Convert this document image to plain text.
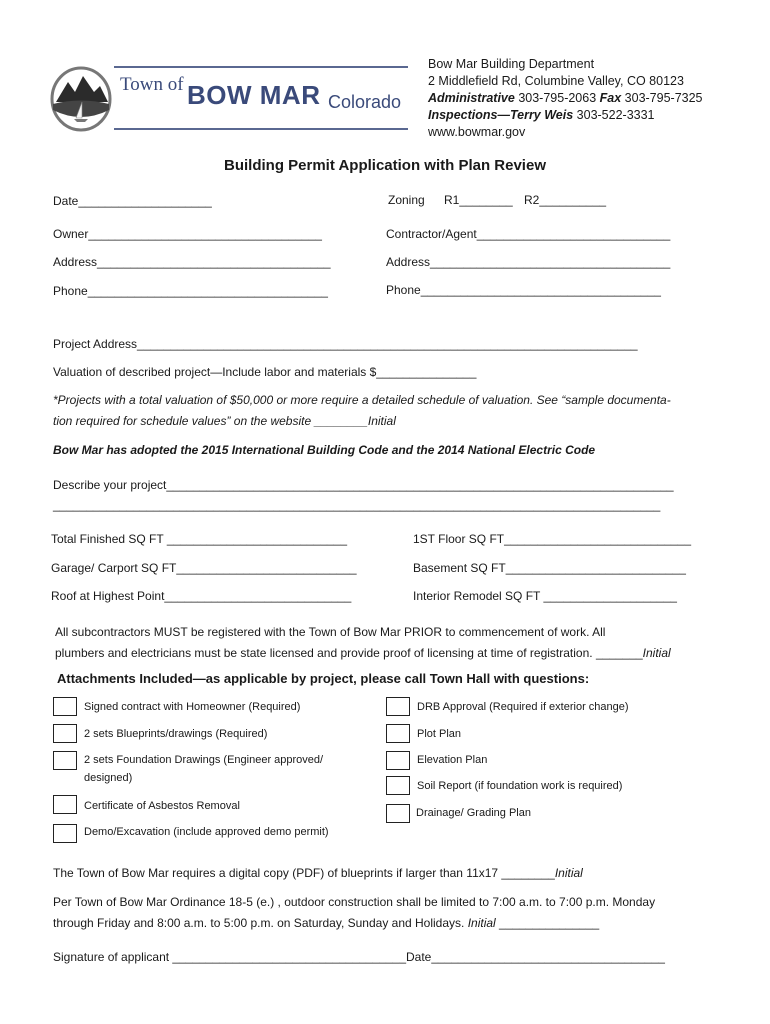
Town of BOW MAR Colorado
Bow Mar Building Department
2 Middlefield Rd, Columbine Valley, CO 80123
Administrative 303-795-2063 Fax 303-795-7325
Inspections—Terry Weis 303-522-3331
www.bowmar.gov
Building Permit Application with Plan Review
Date____________________	Zoning R1________ R2__________
Owner___________________________________	Contractor/Agent_____________________________
Address___________________________________	Address____________________________________
Phone____________________________________	Phone____________________________________
Project Address___________________________________________________________________________
Valuation of described project—Include labor and materials $_______________
*Projects with a total valuation of $50,000 or more require a detailed schedule of valuation. See “sample documenta-
tion required for schedule values” on the website ________Initial
Bow Mar has adopted the 2015 International Building Code and the 2014 National Electric Code
Describe your project____________________________________________________________________________
___________________________________________________________________________________________
Total Finished SQ FT ___________________________	1ST Floor SQ FT____________________________
Garage/ Carport SQ FT___________________________	Basement SQ FT___________________________
Roof at Highest Point____________________________	Interior Remodel SQ FT ____________________
All subcontractors MUST be registered with the Town of Bow Mar PRIOR to commencement of work. All
plumbers and electricians must be state licensed and provide proof of licensing at time of registration. _______Initial
Attachments Included—as applicable by project, please call Town Hall with questions:
Signed contract with Homeowner (Required)
2 sets Blueprints/drawings (Required)
2 sets Foundation Drawings (Engineer approved/
designed)
Certificate of Asbestos Removal
Demo/Excavation (include approved demo permit)
DRB Approval (Required if exterior change)
Plot Plan
Elevation Plan
Soil Report (if foundation work is required)
Drainage/ Grading Plan
The Town of Bow Mar requires a digital copy (PDF) of blueprints if larger than 11x17 ________Initial
Per Town of Bow Mar Ordinance 18-5 (e.) , outdoor construction shall be limited to 7:00 a.m. to 7:00 p.m. Monday
through Friday and 8:00 a.m. to 5:00 p.m. on Saturday, Sunday and Holidays. Initial _______________
Signature of applicant ___________________________________Date___________________________________
